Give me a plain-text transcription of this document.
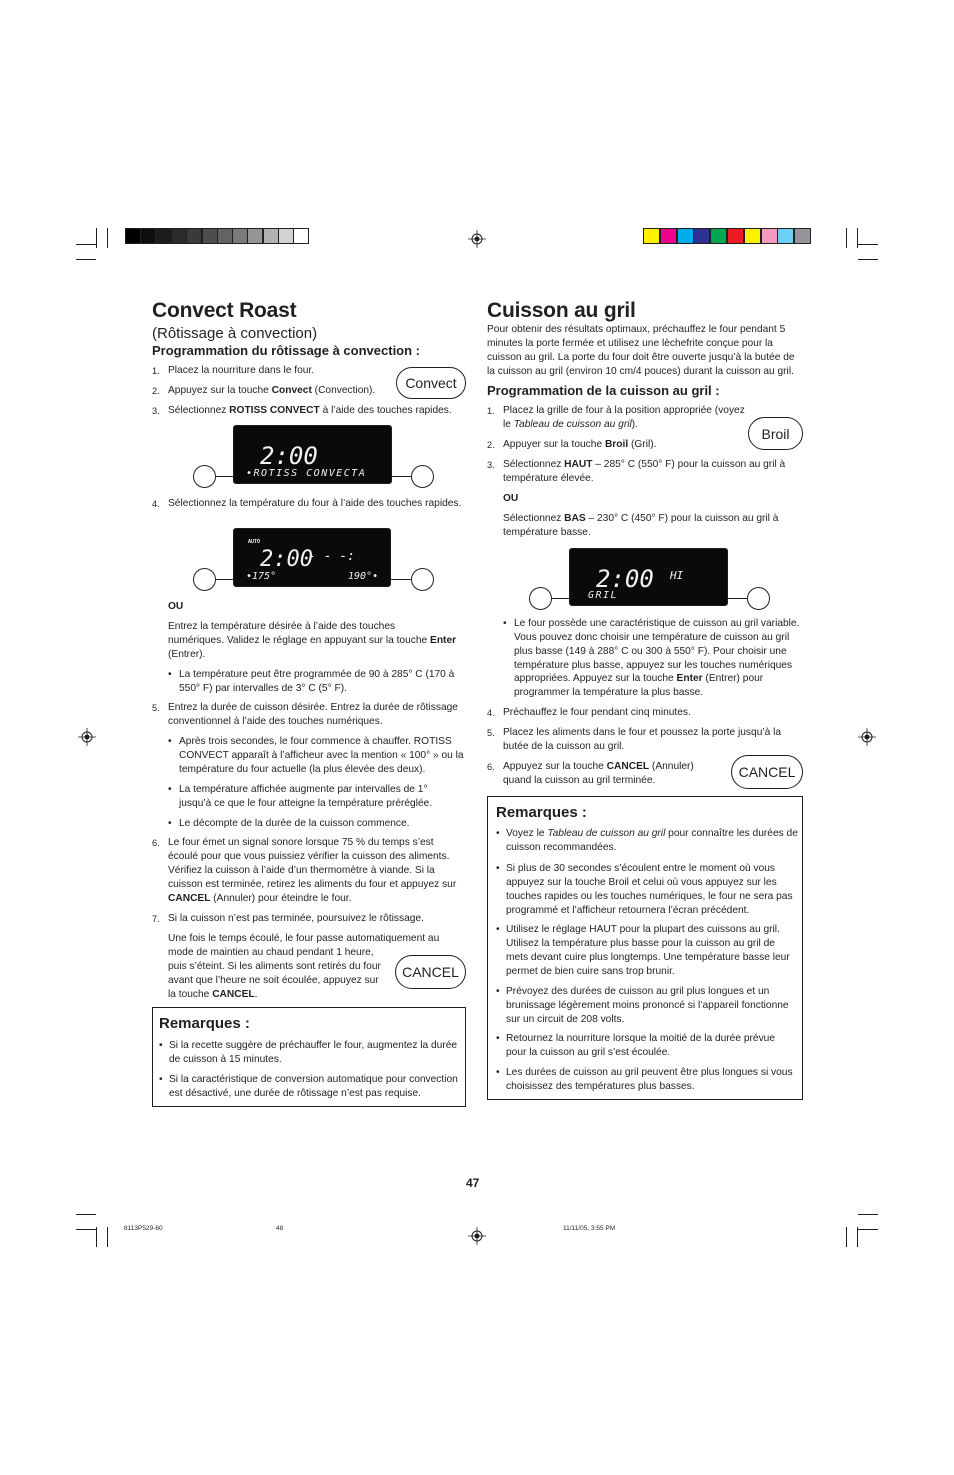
Convect Roast
(Rôtissage à convection)
Programmation du rôtissage à convection :
1. Placez la nourriture dans le four.
2. Appuyez sur la touche Convect (Convection).	Convect
3. Sélectionnez ROTISS CONVECT à l’aide des touches rapides.
2:00
•ROTISS CONVECTA
4. Sélectionnez la température du four à l’aide des touches rapides.
AUTO
2:00
- - -:
•175°	190°•
OU
Entrez la température désirée à l’aide des touches
numériques. Validez le réglage en appuyant sur la touche Enter
(Entrer).
• La température peut être programmée de 90 à 285° C (170 à
550° F) par intervalles de 3° C (5° F).
5. Entrez la durée de cuisson désirée. Entrez la durée de rôtissage
conventionnel à l’aide des touches numériques.
• Après trois secondes, le four commence à chauffer. ROTISS
CONVECT apparaît à l’afficheur avec la mention « 100° » ou la
température du four actuelle (la plus élevée des deux).
• La température affichée augmente par intervalles de 1°
jusqu’à ce que le four atteigne la température préréglée.
• Le décompte de la durée de la cuisson commence.
6. Le four émet un signal sonore lorsque 75 % du temps s’est
écoulé pour que vous puissiez vérifier la cuisson des aliments.
Vérifiez la cuisson à l’aide d’un thermomètre à viande. Si la
cuisson est terminée, retirez les aliments du four et appuyez sur
CANCEL (Annuler) pour éteindre le four.
7. Si la cuisson n’est pas terminée, poursuivez le rôtissage.
Une fois le temps écoulé, le four passe automatiquement au
mode de maintien au chaud pendant 1 heure,
puis s’éteint. Si les aliments sont retirés du four
avant que l’heure ne soit écoulée, appuyez sur
la touche CANCEL.
CANCEL
Remarques :
• Si la recette suggère de préchauffer le four, augmentez la durée
de cuisson à 15 minutes.
• Si la caractéristique de conversion automatique pour convection
est désactivé, une durée de rôtissage n’est pas requise.
Cuisson au gril
Pour obtenir des résultats optimaux, préchauffez le four pendant 5
minutes la porte fermée et utilisez une lèchefrite conçue pour la
cuisson au gril. La porte du four doit être ouverte jusqu’à la butée de
la cuisson au gril (environ 10 cm/4 pouces) durant la cuisson au gril.
Programmation de la cuisson au gril :
1. Placez la grille de four à la position appropriée (voyez
le Tableau de cuisson au gril).
Broil
2. Appuyer sur la touche Broil (Gril).
3. Sélectionnez HAUT – 285° C (550° F) pour la cuisson au gril à
température élevée.
OU
Sélectionnez BAS – 230° C (450° F) pour la cuisson au gril à
température basse.
2:00 HI
GRIL
• Le four possède une caractéristique de cuisson au gril variable.
Vous pouvez donc choisir une température de cuisson au gril
plus basse (149 à 288° C ou 300 à 550° F). Pour choisir une
température plus basse, appuyez sur les touches numériques
appropriées. Appuyez sur la touche Enter (Entrer) pour
programmer la température la plus basse.
4. Préchauffez le four pendant cinq minutes.
5. Placez les aliments dans le four et poussez la porte jusqu’à la
butée de la cuisson au gril.
6. Appuyez sur la touche CANCEL (Annuler)
quand la cuisson au gril terminée.
CANCEL
Remarques :
• Voyez le Tableau de cuisson au gril pour connaître les durées de
cuisson recommandées.
• Si plus de 30 secondes s’écoulent entre le moment où vous
appuyez sur la touche Broil et celui où vous appuyez sur les
touches rapides ou les touches numériques, le four ne sera pas
programmé et l’afficheur retournera l’écran précédent.
• Utilisez le réglage HAUT pour la plupart des cuissons au gril.
Utilisez la température plus basse pour la cuisson au gril de
mets devant cuire plus longtemps. Une température basse leur
permet de bien cuire sans trop brunir.
• Prévoyez des durées de cuisson au gril plus longues et un
brunissage légèrement moins prononcé si l’appareil fonctionne
sur un circuit de 208 volts.
• Retournez la nourriture lorsque la moitié de la durée prévue
pour la cuisson au gril s’est écoulée.
• Les durées de cuisson au gril peuvent être plus longues si vous
choisissez des températures plus basses.
47
8113P529-60	48	11/11/05, 3:55 PM
